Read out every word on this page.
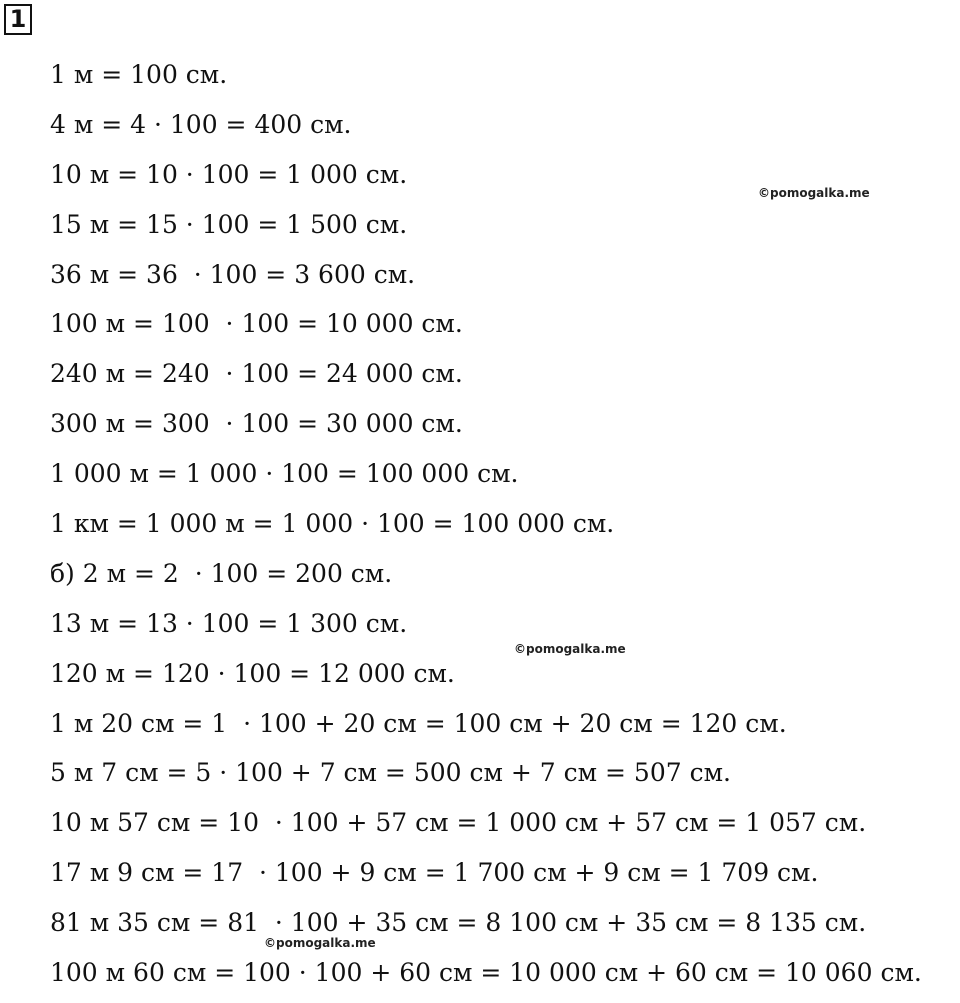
1
1 м = 100 см.
4 м = 4 · 100 = 400 см.
10 м = 10 · 100 = 1 000 см.
15 м = 15 · 100 = 1 500 см.
36 м = 36  · 100 = 3 600 см.
100 м = 100  · 100 = 10 000 см.
240 м = 240  · 100 = 24 000 см.
300 м = 300  · 100 = 30 000 см.
1 000 м = 1 000 · 100 = 100 000 см.
1 км = 1 000 м = 1 000 · 100 = 100 000 см.
б) 2 м = 2  · 100 = 200 см.
13 м = 13 · 100 = 1 300 см.
120 м = 120 · 100 = 12 000 см.
1 м 20 см = 1  · 100 + 20 см = 100 см + 20 см = 120 см.
5 м 7 см = 5 · 100 + 7 см = 500 см + 7 см = 507 см.
10 м 57 см = 10  · 100 + 57 см = 1 000 см + 57 см = 1 057 см.
17 м 9 см = 17  · 100 + 9 см = 1 700 см + 9 см = 1 709 см.
81 м 35 см = 81  · 100 + 35 см = 8 100 см + 35 см = 8 135 см.
100 м 60 см = 100 · 100 + 60 см = 10 000 см + 60 см = 10 060 см.
©pomogalka.me
©pomogalka.me
©pomogalka.me
